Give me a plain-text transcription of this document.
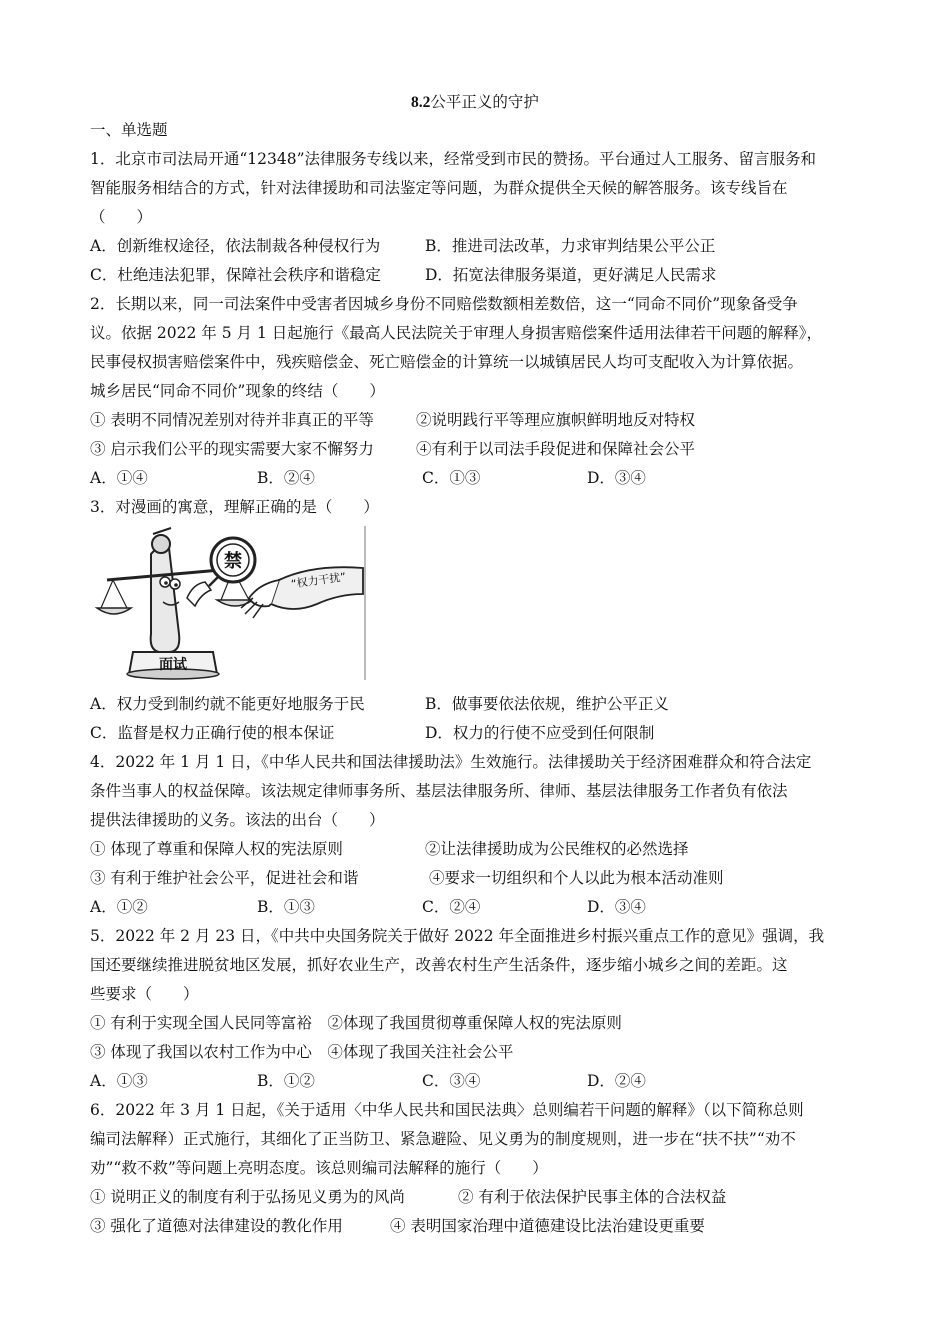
8.2公平正义的守护
一、单选题
1．北京市司法局开通“12348”法律服务专线以来，经常受到市民的赞扬。平台通过人工服务、留言服务和
智能服务相结合的方式，针对法律援助和司法鉴定等问题，为群众提供全天候的解答服务。该专线旨在
（　　）
A．创新维权途径，依法制裁各种侵权行为	B．推进司法改革，力求审判结果公平公正
C．杜绝违法犯罪，保障社会秩序和谐稳定	D．拓宽法律服务渠道，更好满足人民需求
2．长期以来，同一司法案件中受害者因城乡身份不同赔偿数额相差数倍，这一“同命不同价”现象备受争
议。依据 2022 年 5 月 1 日起施行《最高人民法院关于审理人身损害赔偿案件适用法律若干问题的解释》，
民事侵权损害赔偿案件中，残疾赔偿金、死亡赔偿金的计算统一以城镇居民人均可支配收入为计算依据。
城乡居民“同命不同价”现象的终结（　　）
① 表明不同情况差别对待并非真正的平等	②说明践行平等理应旗帜鲜明地反对特权
③ 启示我们公平的现实需要大家不懈努力	④有利于以司法手段促进和保障社会公平
A．①④	B．②④	C．①③	D．③④
3．对漫画的寓意，理解正确的是（　　）
面试
禁
“权力干扰”
A．权力受到制约就不能更好地服务于民	B．做事要依法依规，维护公平正义
C．监督是权力正确行使的根本保证	D．权力的行使不应受到任何限制
4．2022 年 1 月 1 日，《中华人民共和国法律援助法》生效施行。法律援助关于经济困难群众和符合法定
条件当事人的权益保障。该法规定律师事务所、基层法律服务所、律师、基层法律服务工作者负有依法
提供法律援助的义务。该法的出台（　　）
① 体现了尊重和保障人权的宪法原则	②让法律援助成为公民维权的必然选择
③ 有利于维护社会公平，促进社会和谐	④要求一切组织和个人以此为根本活动准则
A．①②	B．①③	C．②④	D．③④
5．2022 年 2 月 23 日，《中共中央国务院关于做好 2022 年全面推进乡村振兴重点工作的意见》强调，我
国还要继续推进脱贫地区发展，抓好农业生产，改善农村生产生活条件，逐步缩小城乡之间的差距。这
些要求（　　）
① 有利于实现全国人民同等富裕　②体现了我国贯彻尊重保障人权的宪法原则
③ 体现了我国以农村工作为中心　④体现了我国关注社会公平
A．①③	B．①②	C．③④	D．②④
6．2022 年 3 月 1 日起，《关于适用〈中华人民共和国民法典〉总则编若干问题的解释》（以下简称总则
编司法解释）正式施行，其细化了正当防卫、紧急避险、见义勇为的制度规则，进一步在“扶不扶”“劝不
劝”“救不救”等问题上亮明态度。该总则编司法解释的施行（　　）
① 说明正义的制度有利于弘扬见义勇为的风尚	② 有利于依法保护民事主体的合法权益
③ 强化了道德对法律建设的教化作用	④ 表明国家治理中道德建设比法治建设更重要
